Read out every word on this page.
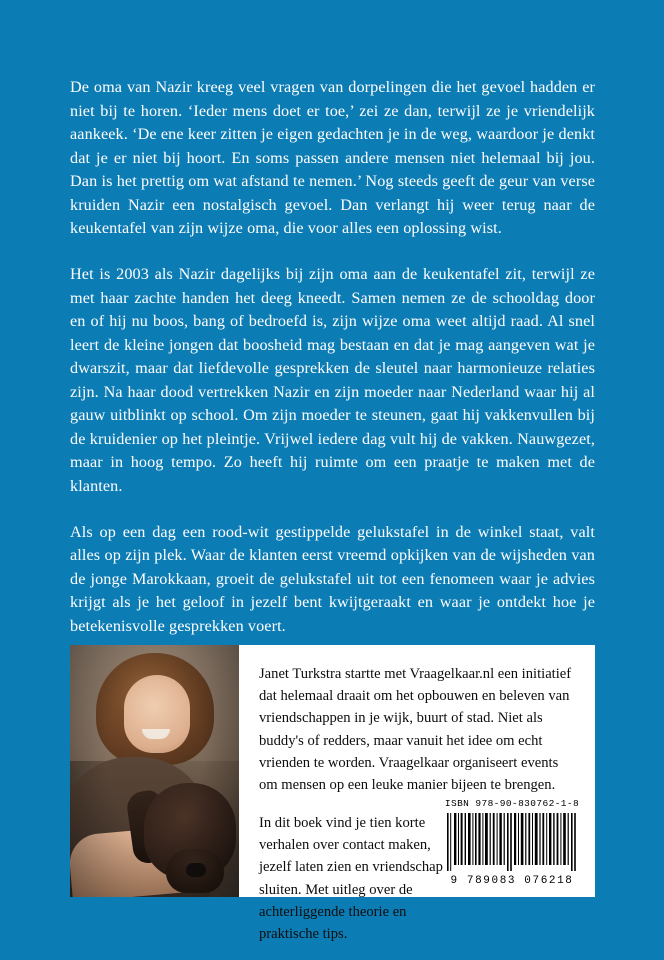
De oma van Nazir kreeg veel vragen van dorpelingen die het gevoel hadden er niet bij te horen. ‘Ieder mens doet er toe,’ zei ze dan, terwijl ze je vriendelijk aankeek. ‘De ene keer zitten je eigen gedachten je in de weg, waardoor je denkt dat je er niet bij hoort. En soms passen andere mensen niet helemaal bij jou. Dan is het prettig om wat afstand te nemen.’ Nog steeds geeft de geur van verse kruiden Nazir een nostalgisch gevoel. Dan verlangt hij weer terug naar de keukentafel van zijn wijze oma, die voor alles een oplossing wist.

Het is 2003 als Nazir dagelijks bij zijn oma aan de keukentafel zit, terwijl ze met haar zachte handen het deeg kneedt. Samen nemen ze de schooldag door en of hij nu boos, bang of bedroefd is, zijn wijze oma weet altijd raad. Al snel leert de kleine jongen dat boosheid mag bestaan en dat je mag aangeven wat je dwarszit, maar dat liefdevolle gesprekken de sleutel naar harmonieuze relaties zijn. Na haar dood vertrekken Nazir en zijn moeder naar Nederland waar hij al gauw uitblinkt op school. Om zijn moeder te steunen, gaat hij vakkenvullen bij de kruidenier op het pleintje. Vrijwel iedere dag vult hij de vakken. Nauwgezet, maar in hoog tempo. Zo heeft hij ruimte om een praatje te maken met de klanten.

Als op een dag een rood-wit gestippelde gelukstafel in de winkel staat, valt alles op zijn plek. Waar de klanten eerst vreemd opkijken van de wijsheden van de jonge Marokkaan, groeit de gelukstafel uit tot een fenomeen waar je advies krijgt als je het geloof in jezelf bent kwijtgeraakt en waar je ontdekt hoe je betekenisvolle gesprekken voert.

Janet Turkstra startte met Vraagelkaar.nl een initiatief dat helemaal draait om het opbouwen en beleven van vriendschappen in je wijk, buurt of stad. Niet als buddy's of redders, maar vanuit het idee om echt vrienden te worden. Vraagelkaar organiseert events om mensen op een leuke manier bijeen te brengen.

In dit boek vind je tien korte verhalen over contact maken, jezelf laten zien en vriendschap sluiten. Met uitleg over de achterliggende theorie en praktische tips.

ISBN 978-90-830762-1-8
9 789083 076218
